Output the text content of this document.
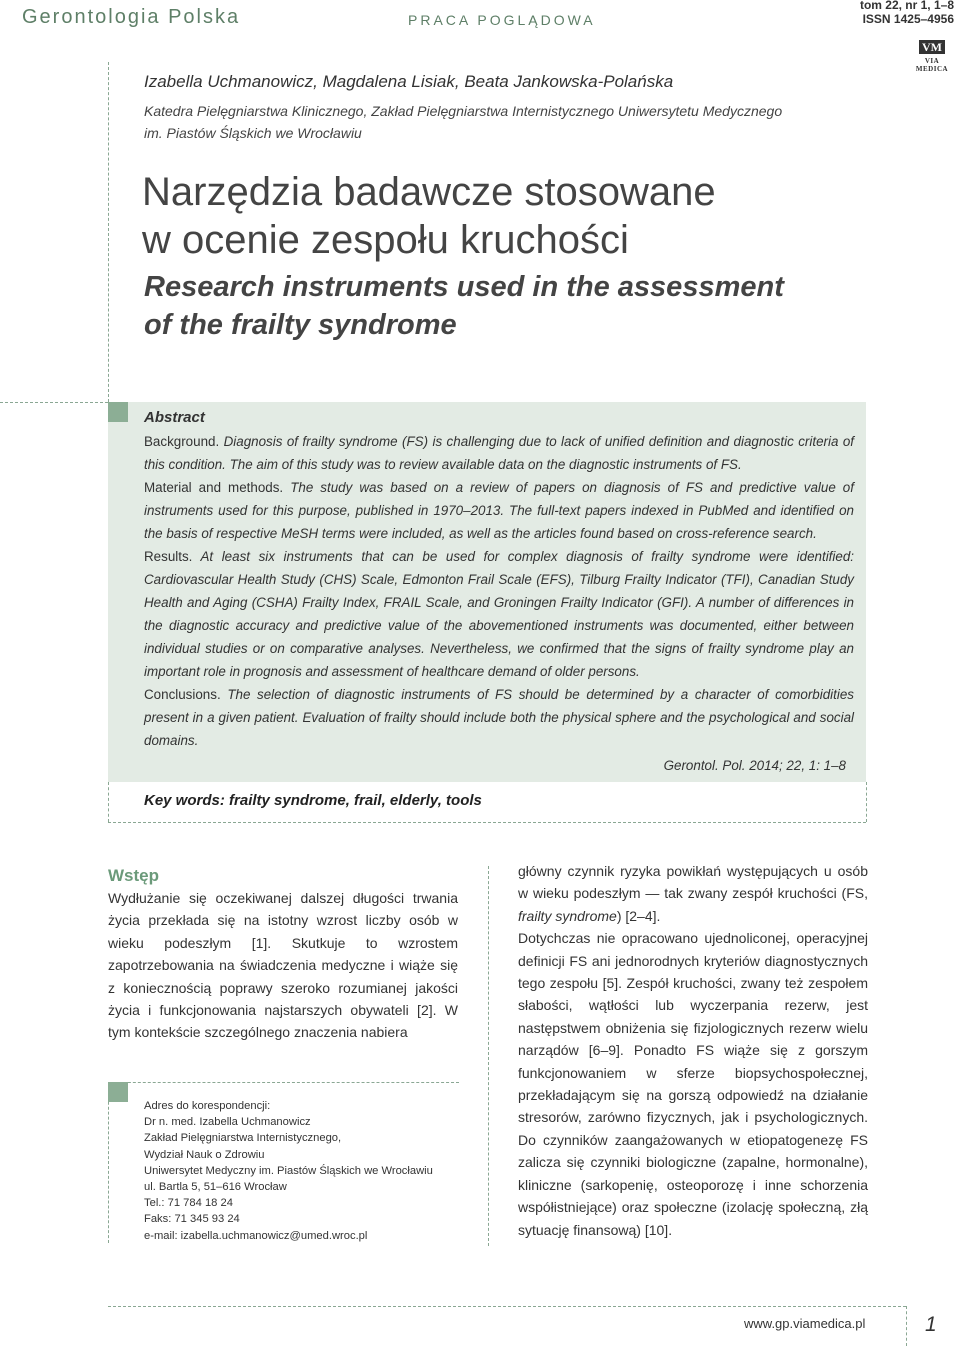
Gerontologia Polska	PRACA POGLĄDOWA
tom 22, nr 1, 1–8
ISSN 1425–4956
VM
VIA MEDICA
Izabella Uchmanowicz, Magdalena Lisiak, Beata Jankowska-Polańska
Katedra Pielęgniarstwa Klinicznego, Zakład Pielęgniarstwa Internistycznego Uniwersytetu Medycznego
im. Piastów Śląskich we Wrocławiu
Narzędzia badawcze stosowane
w ocenie zespołu kruchości
Research instruments used in the assessment
of the frailty syndrome

Abstract

Background. Diagnosis of frailty syndrome (FS) is challenging due to lack of unified definition and diagnostic criteria of this condition. The aim of this study was to review available data on the diagnostic instruments of FS.

Material and methods. The study was based on a review of papers on diagnosis of FS and predictive value of instruments used for this purpose, published in 1970–2013. The full-text papers indexed in PubMed and identified on the basis of respective MeSH terms were included, as well as the articles found based on cross-reference search.

Results. At least six instruments that can be used for complex diagnosis of frailty syndrome were identified: Cardiovascular Health Study (CHS) Scale, Edmonton Frail Scale (EFS), Tilburg Frailty Indicator (TFI), Canadian Study Health and Aging (CSHA) Frailty Index, FRAIL Scale, and Groningen Frailty Indicator (GFI). A number of differences in the diagnostic accuracy and predictive value of the abovementioned instruments was documented, either between individual studies or on comparative analyses. Nevertheless, we confirmed that the signs of frailty syndrome play an important role in prognosis and assessment of healthcare demand of older persons.

Conclusions. The selection of diagnostic instruments of FS should be determined by a character of comorbidities present in a given patient. Evaluation of frailty should include both the physical sphere and the psychological and social domains.

Gerontol. Pol. 2014; 22, 1: 1–8

Key words: frailty syndrome, frail, elderly, tools
Wstęp

Wydłużanie się oczekiwanej dalszej długości trwania życia przekłada się na istotny wzrost liczby osób w wieku podeszłym [1]. Skutkuje to wzrostem zapotrzebowania na świadczenia medyczne i wiąże się z koniecznością poprawy szeroko rozumianej jakości życia i funkcjonowania najstarszych obywateli [2]. W tym kontekście szczególnego znaczenia nabiera

główny czynnik ryzyka powikłań występujących u osób w wieku podeszłym — tak zwany zespół kruchości (FS, frailty syndrome) [2–4].

Dotychczas nie opracowano ujednoliconej, operacyjnej definicji FS ani jednorodnych kryteriów diagnostycznych tego zespołu [5]. Zespół kruchości, zwany też zespołem słabości, wątłości lub wyczerpania rezerw, jest następstwem obniżenia się fizjologicznych rezerw wielu narządów [6–9]. Ponadto FS wiąże się z gorszym funkcjonowaniem w sferze biopsychospołecznej, przekładającym się na gorszą odpowiedź na działanie stresorów, zarówno fizycznych, jak i psychologicznych. Do czynników zaangażowanych w etiopatogenezę FS zalicza się czynniki biologiczne (zapalne, hormonalne), kliniczne (sarkopenię, osteoporozę i inne schorzenia współistniejące) oraz społeczne (izolację społeczną, złą sytuację finansową) [10].

Adres do korespondencji:
Dr n. med. Izabella Uchmanowicz
Zakład Pielęgniarstwa Internistycznego,
Wydział Nauk o Zdrowiu
Uniwersytet Medyczny im. Piastów Śląskich we Wrocławiu
ul. Bartla 5, 51–616 Wrocław
Tel.: 71 784 18 24
Faks: 71 345 93 24
e-mail: izabella.uchmanowicz@umed.wroc.pl
www.gp.viamedica.pl	1
